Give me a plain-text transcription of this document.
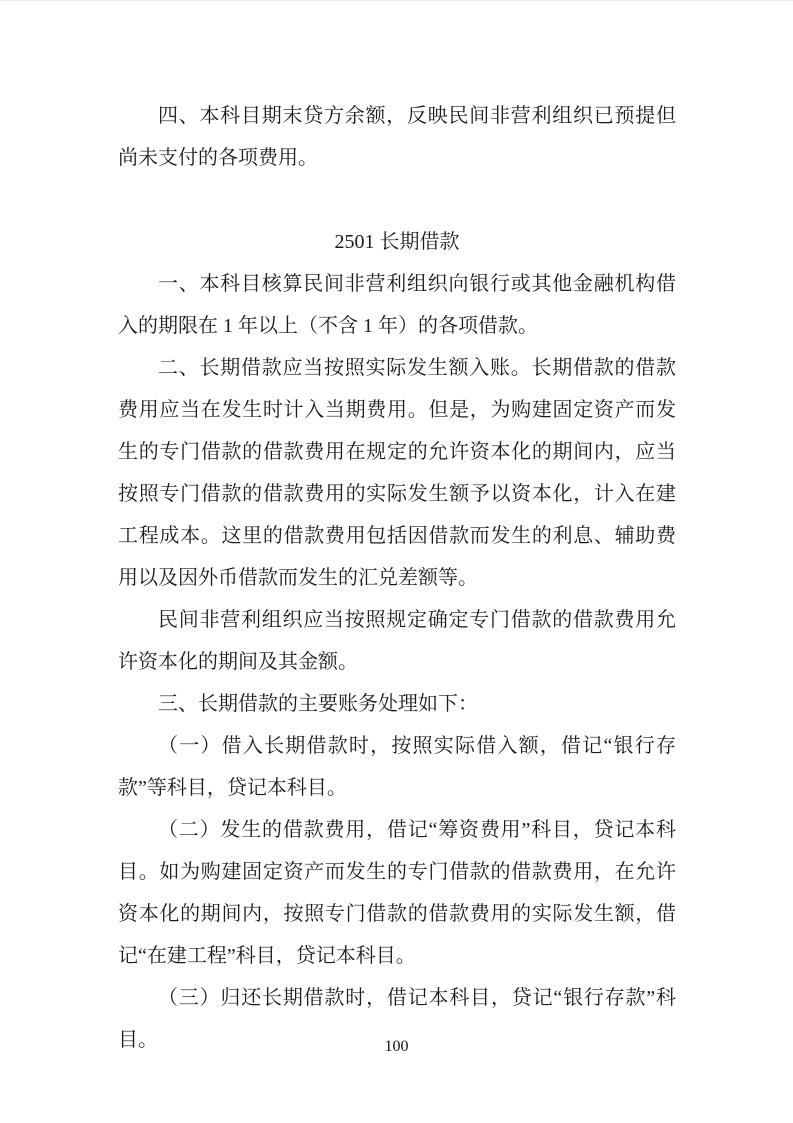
四、本科目期末贷方余额，反映民间非营利组织已预提但尚未支付的各项费用。

2501 长期借款

一、本科目核算民间非营利组织向银行或其他金融机构借入的期限在 1 年以上（不含 1 年）的各项借款。

二、长期借款应当按照实际发生额入账。长期借款的借款费用应当在发生时计入当期费用。但是，为购建固定资产而发生的专门借款的借款费用在规定的允许资本化的期间内，应当按照专门借款的借款费用的实际发生额予以资本化，计入在建工程成本。这里的借款费用包括因借款而发生的利息、辅助费用以及因外币借款而发生的汇兑差额等。

民间非营利组织应当按照规定确定专门借款的借款费用允许资本化的期间及其金额。

三、长期借款的主要账务处理如下：

（一）借入长期借款时，按照实际借入额，借记“银行存款”等科目，贷记本科目。

（二）发生的借款费用，借记“筹资费用”科目，贷记本科目。如为购建固定资产而发生的专门借款的借款费用，在允许资本化的期间内，按照专门借款的借款费用的实际发生额，借记“在建工程”科目，贷记本科目。

（三）归还长期借款时，借记本科目，贷记“银行存款”科目。	100
